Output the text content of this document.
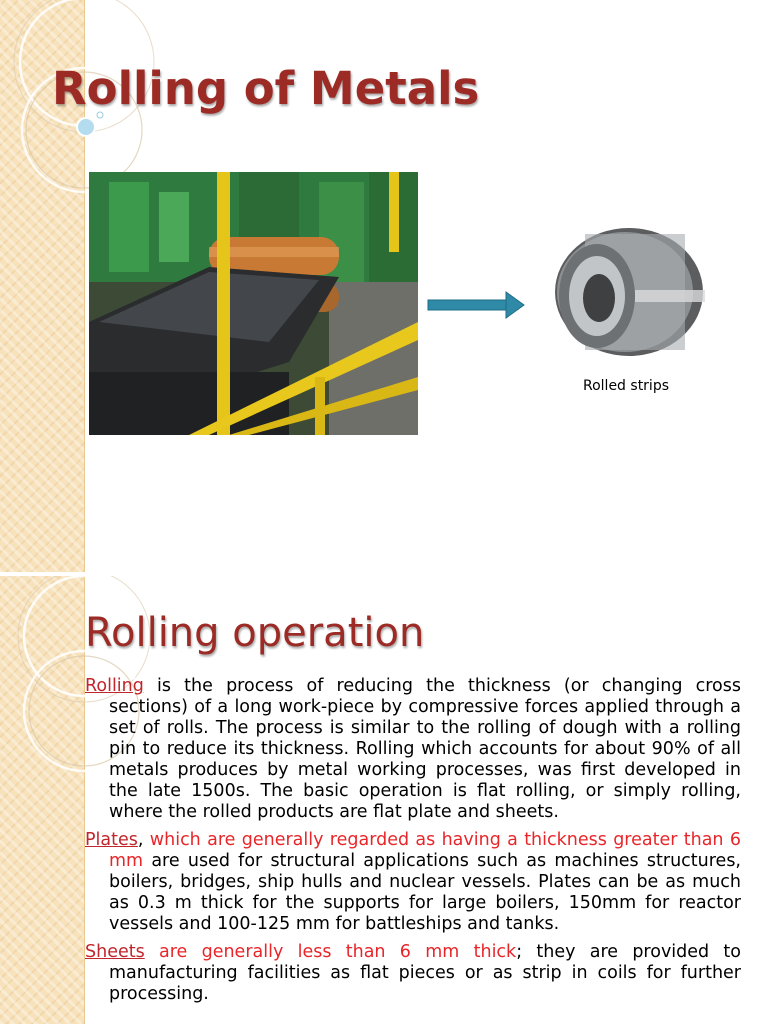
Rolling of Metals
Rolled strips
Rolling operation

Rolling is the process of reducing the thickness (or changing cross sections) of a long work-piece by compressive forces applied through a set of rolls. The process is similar to the rolling of dough with a rolling pin to reduce its thickness. Rolling which accounts for about 90% of all metals produces by metal working processes, was first developed in the late 1500s. The basic operation is flat rolling, or simply rolling, where the rolled products are flat plate and sheets.

Plates, which are generally regarded as having a thickness greater than 6 mm are used for structural applications such as machines structures, boilers, bridges, ship hulls and nuclear vessels. Plates can be as much as 0.3 m thick for the supports for large boilers, 150mm for reactor vessels and 100-125 mm for battleships and tanks.

Sheets are generally less than 6 mm thick; they are provided to manufacturing facilities as flat pieces or as strip in coils for further processing.
